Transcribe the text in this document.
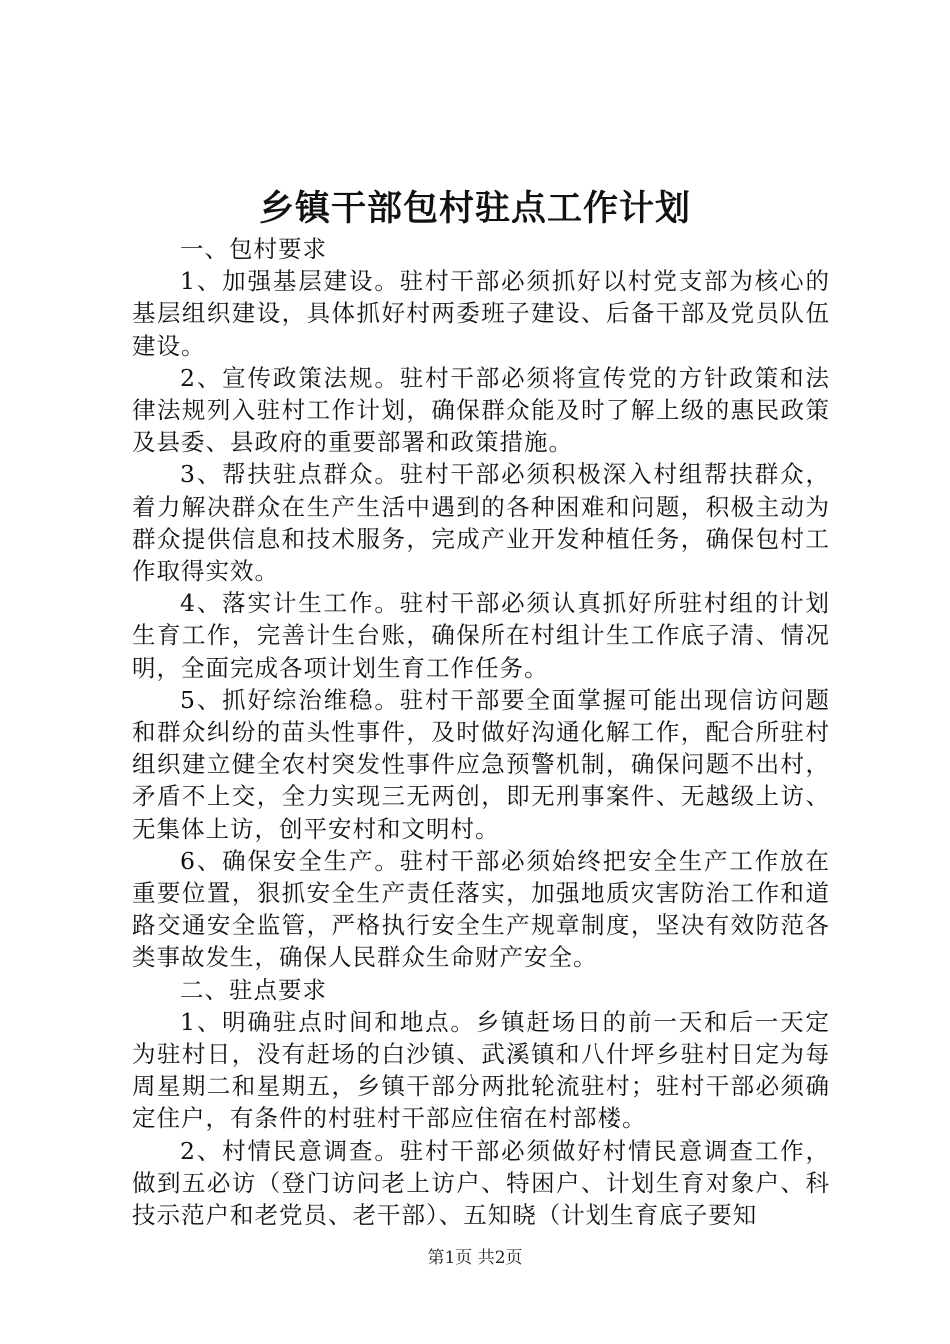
乡镇干部包村驻点工作计划

一、包村要求

1、加强基层建设。驻村干部必须抓好以村党支部为核心的基层组织建设，具体抓好村两委班子建设、后备干部及党员队伍建设。

2、宣传政策法规。驻村干部必须将宣传党的方针政策和法律法规列入驻村工作计划，确保群众能及时了解上级的惠民政策及县委、县政府的重要部署和政策措施。

3、帮扶驻点群众。驻村干部必须积极深入村组帮扶群众，着力解决群众在生产生活中遇到的各种困难和问题，积极主动为群众提供信息和技术服务，完成产业开发种植任务，确保包村工作取得实效。

4、落实计生工作。驻村干部必须认真抓好所驻村组的计划生育工作，完善计生台账，确保所在村组计生工作底子清、情况明，全面完成各项计划生育工作任务。

5、抓好综治维稳。驻村干部要全面掌握可能出现信访问题和群众纠纷的苗头性事件，及时做好沟通化解工作，配合所驻村组织建立健全农村突发性事件应急预警机制，确保问题不出村，矛盾不上交，全力实现三无两创，即无刑事案件、无越级上访、无集体上访，创平安村和文明村。

6、确保安全生产。驻村干部必须始终把安全生产工作放在重要位置，狠抓安全生产责任落实，加强地质灾害防治工作和道路交通安全监管，严格执行安全生产规章制度，坚决有效防范各类事故发生，确保人民群众生命财产安全。

二、驻点要求

1、明确驻点时间和地点。乡镇赶场日的前一天和后一天定为驻村日，没有赶场的白沙镇、武溪镇和八什坪乡驻村日定为每周星期二和星期五，乡镇干部分两批轮流驻村；驻村干部必须确定住户，有条件的村驻村干部应住宿在村部楼。

2、村情民意调查。驻村干部必须做好村情民意调查工作，做到五必访（登门访问老上访户、特困户、计划生育对象户、科技示范户和老党员、老干部）、五知晓（计划生育底子要知

第1页 共2页
